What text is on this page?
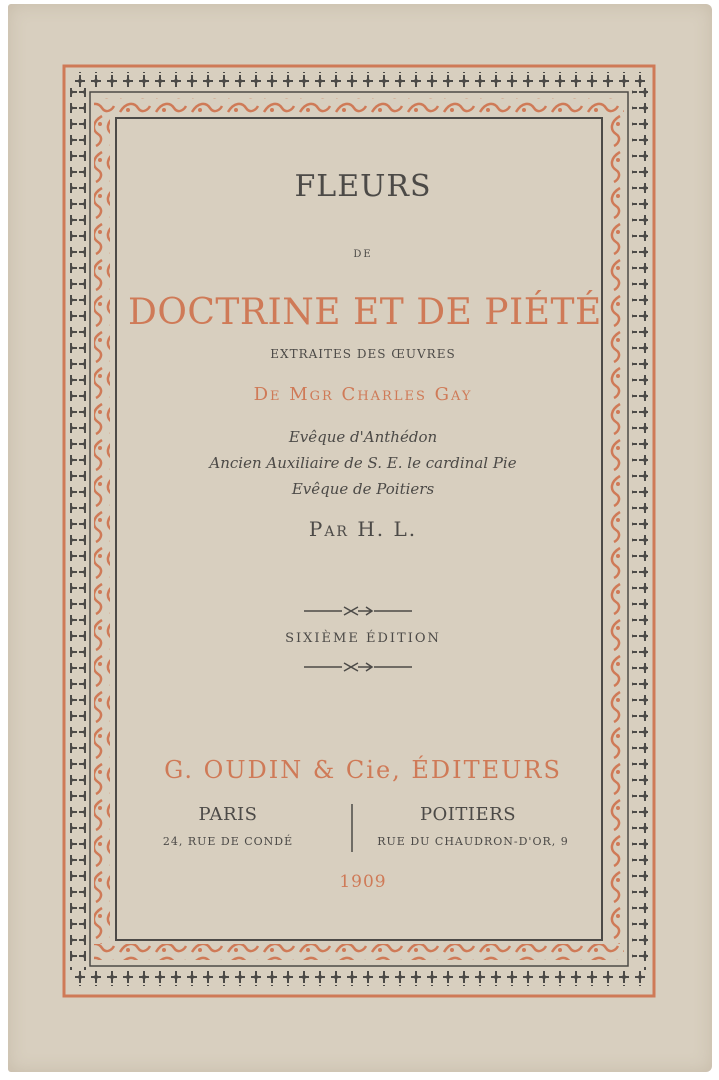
FLEURS
DE
DOCTRINE ET DE PIÉTÉ
EXTRAITES DES ŒUVRES
De Mgr Charles Gay
Evêque d'Anthédon
Ancien Auxiliaire de S. E. le cardinal Pie
Evêque de Poitiers
Par H. L.
SIXIÈME ÉDITION
G. OUDIN & Cie, ÉDITEURS
PARIS
24, RUE DE CONDÉ
POITIERS
RUE DU CHAUDRON-D'OR, 9
1909
